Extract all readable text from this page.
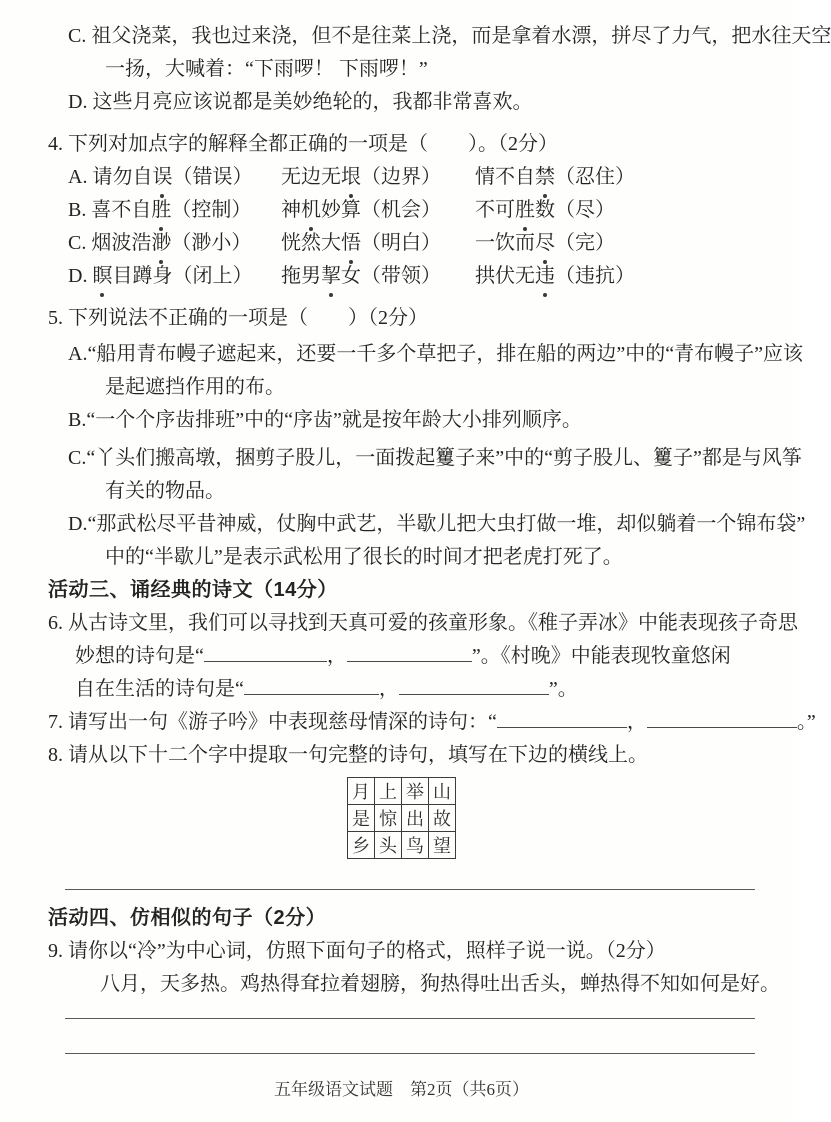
C. 祖父浇菜，我也过来浇，但不是往菜上浇，而是拿着水漂，拼尽了力气，把水往天空
一扬，大喊着：“下雨啰！ 下雨啰！”
D. 这些月亮应该说都是美妙绝轮的，我都非常喜欢。
4. 下列对加点字的解释全都正确的一项是（　　）。（2分）
A. 请勿自误（错误）	无边无垠（边界）	情不自禁（忍住）
B. 喜不自胜（控制）	神机妙算（机会）	不可胜数（尽）
C. 烟波浩渺（渺小）	恍然大悟（明白）	一饮而尽（完）
D. 瞑目蹲身（闭上）	拖男挈女（带领）	拱伏无违（违抗）
5. 下列说法不正确的一项是（　　）（2分）
A.“船用青布幔子遮起来，还要一千多个草把子，排在船的两边”中的“青布幔子”应该
是起遮挡作用的布。
B.“一个个序齿排班”中的“序齿”就是按年龄大小排列顺序。
C.“丫头们搬高墩，捆剪子股儿，一面拨起籰子来”中的“剪子股儿、籰子”都是与风筝
有关的物品。
D.“那武松尽平昔神威，仗胸中武艺，半歇儿把大虫打做一堆，却似躺着一个锦布袋”
中的“半歇儿”是表示武松用了很长的时间才把老虎打死了。
活动三、诵经典的诗文（14分）
6. 从古诗文里，我们可以寻找到天真可爱的孩童形象。《稚子弄冰》中能表现孩子奇思
妙想的诗句是“	，	”。《村晚》中能表现牧童悠闲
自在生活的诗句是“	，	”。
7. 请写出一句《游子吟》中表现慈母情深的诗句：“	，	。”
8. 请从以下十二个字中提取一句完整的诗句，填写在下边的横线上。
月	上	举	山
是	惊	出	故
乡	头	鸟	望
活动四、仿相似的句子（2分）
9. 请你以“冷”为中心词，仿照下面句子的格式，照样子说一说。（2分）
八月，天多热。鸡热得耷拉着翅膀，狗热得吐出舌头，蝉热得不知如何是好。
五年级语文试题　第2页（共6页）
